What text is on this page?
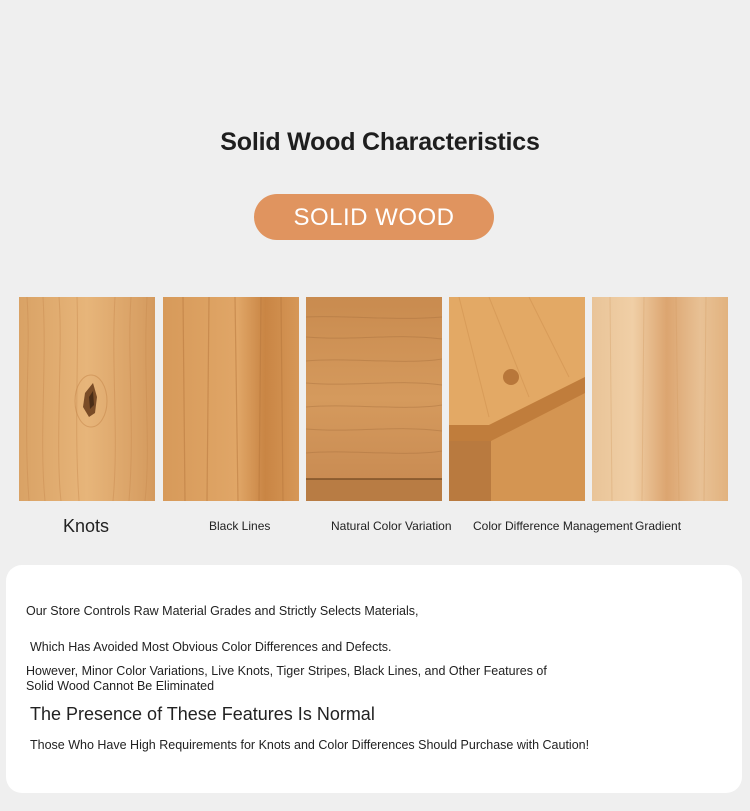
Solid Wood Characteristics
SOLID WOOD
Knots	Black Lines	Natural Color Variation Color Difference Management Gradient
Our Store Controls Raw Material Grades and Strictly Selects Materials,
Which Has Avoided Most Obvious Color Differences and Defects.
However, Minor Color Variations, Live Knots, Tiger Stripes, Black Lines, and Other Features of
Solid Wood Cannot Be Eliminated
The Presence of These Features Is Normal
Those Who Have High Requirements for Knots and Color Differences Should Purchase with Caution!
